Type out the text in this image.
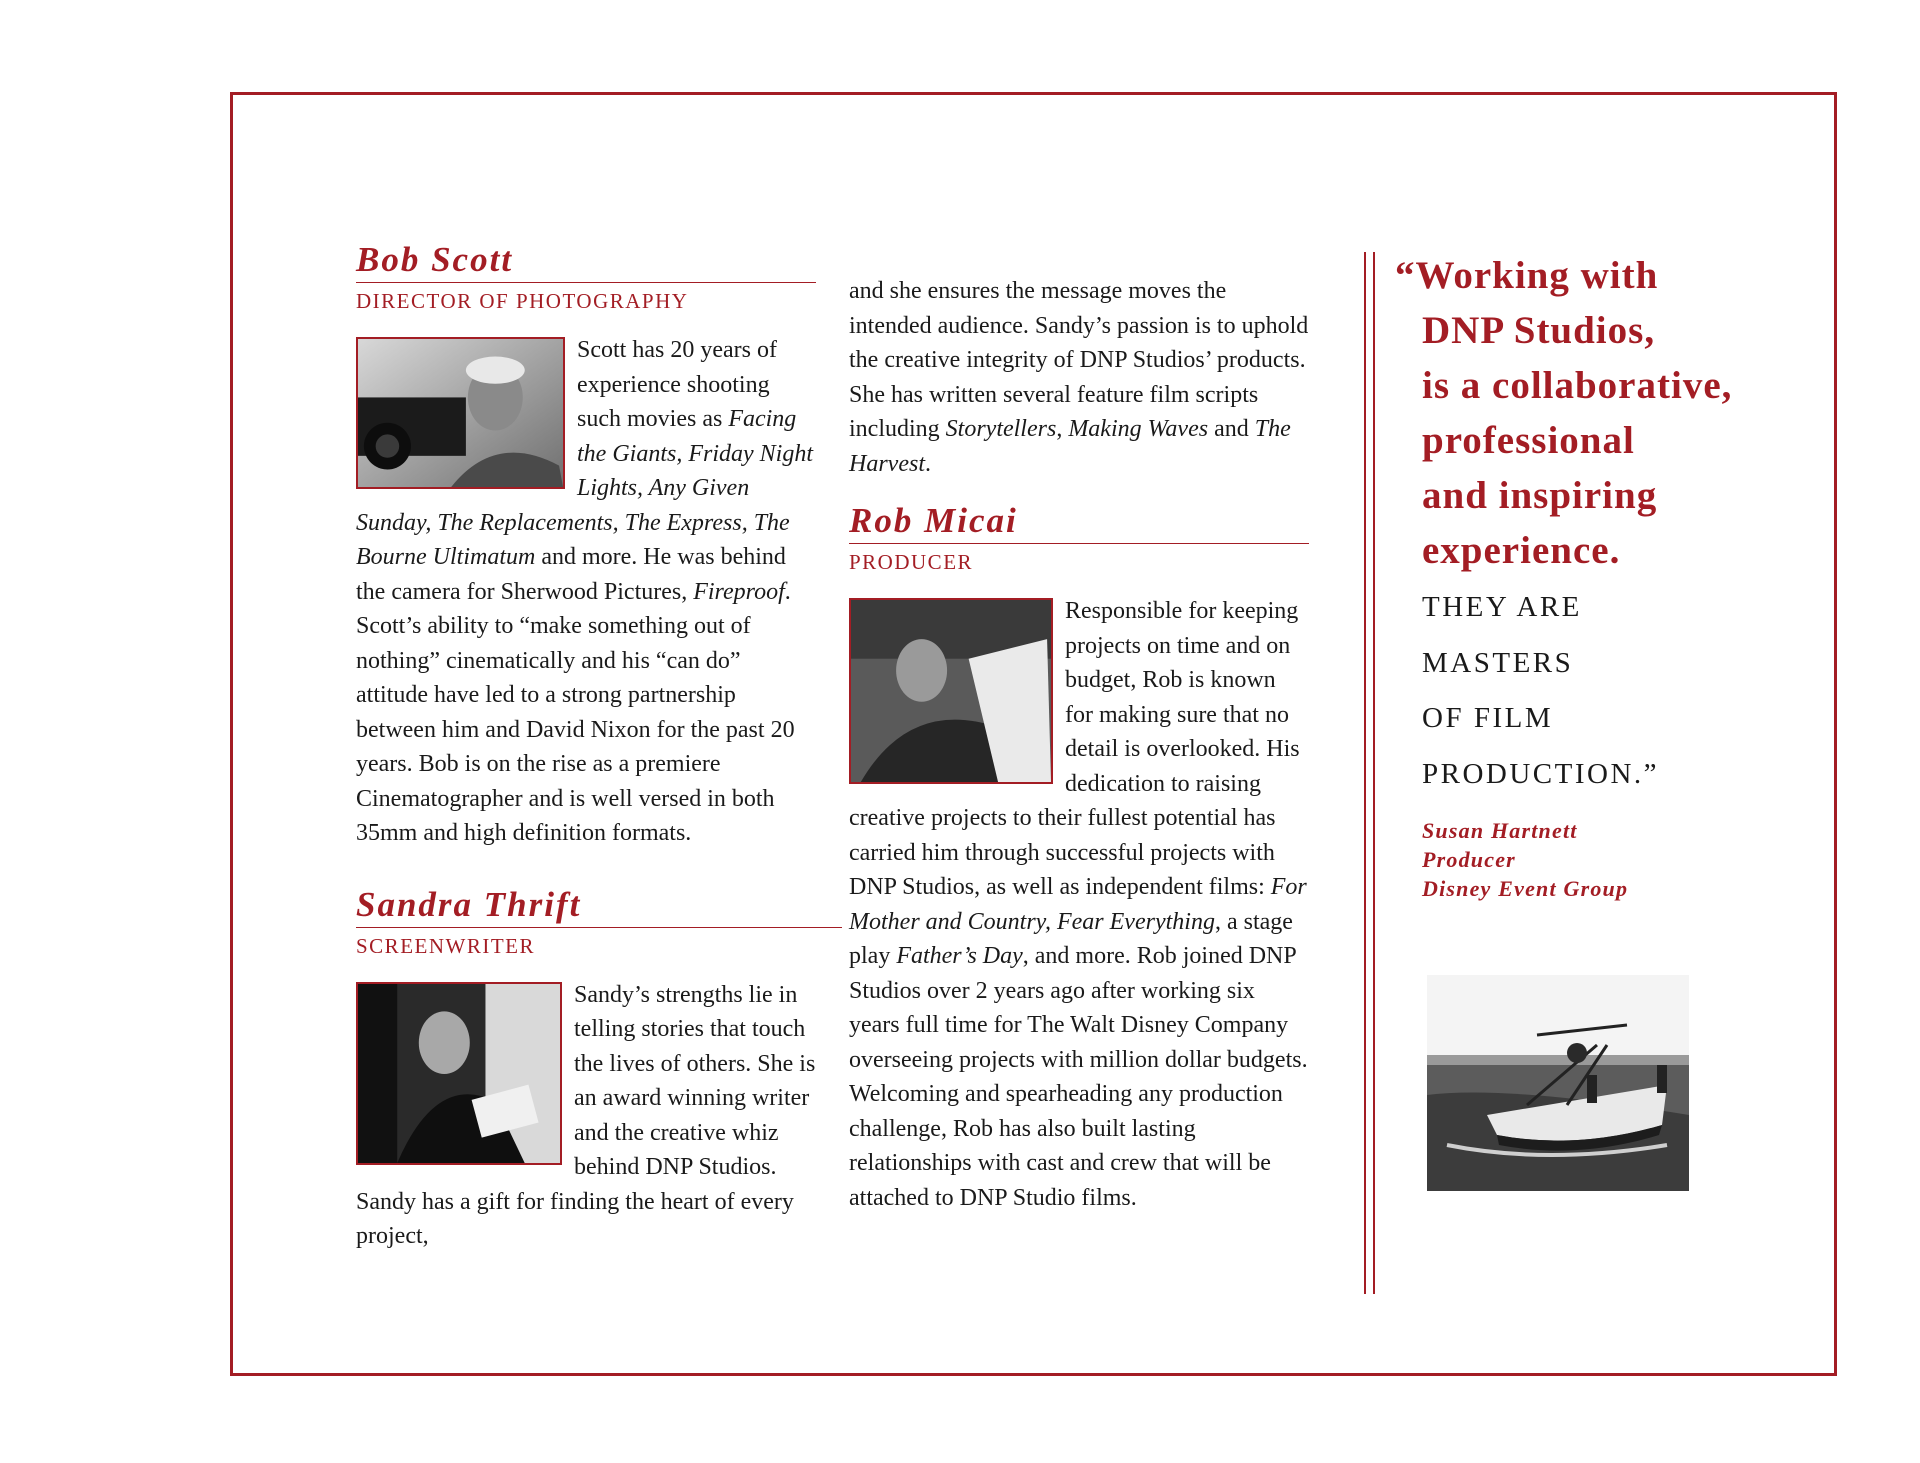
Bob Scott
DIRECTOR OF PHOTOGRAPHY

Scott has 20 years of experience shooting such movies as Facing the Giants, Friday Night Lights, Any Given Sunday, The Replacements, The Express, The Bourne Ultimatum and more. He was behind the camera for Sherwood Pictures, Fireproof. Scott’s ability to “make something out of nothing” cinematically and his “can do” attitude have led to a strong partnership between him and David Nixon for the past 20 years. Bob is on the rise as a premiere Cinematographer and is well versed in both 35mm and high definition formats.

Sandra Thrift
SCREENWRITER

Sandy’s strengths lie in telling stories that touch the lives of others. She is an award winning writer and the creative whiz behind DNP Studios. Sandy has a gift for finding the heart of every project,

and she ensures the message moves the intended audience. Sandy’s passion is to uphold the creative integrity of DNP Studios’ products. She has written several feature film scripts including Storytellers, Making Waves and The Harvest.

Rob Micai
PRODUCER

Responsible for keeping projects on time and on budget, Rob is known for making sure that no detail is overlooked. His dedication to raising creative projects to their fullest potential has carried him through successful projects with DNP Studios, as well as independent films: For Mother and Country, Fear Everything, a stage play Father’s Day, and more. Rob joined DNP Studios over 2 years ago after working six years full time for The Walt Disney Company overseeing projects with million dollar budgets. Welcoming and spearheading any production challenge, Rob has also built lasting relationships with cast and crew that will be attached to DNP Studio films.

“Working with
DNP Studios,
is a collaborative,
professional
and inspiring
experience.
THEY ARE
MASTERS
OF FILM
PRODUCTION.”
Susan Hartnett
Producer
Disney Event Group
